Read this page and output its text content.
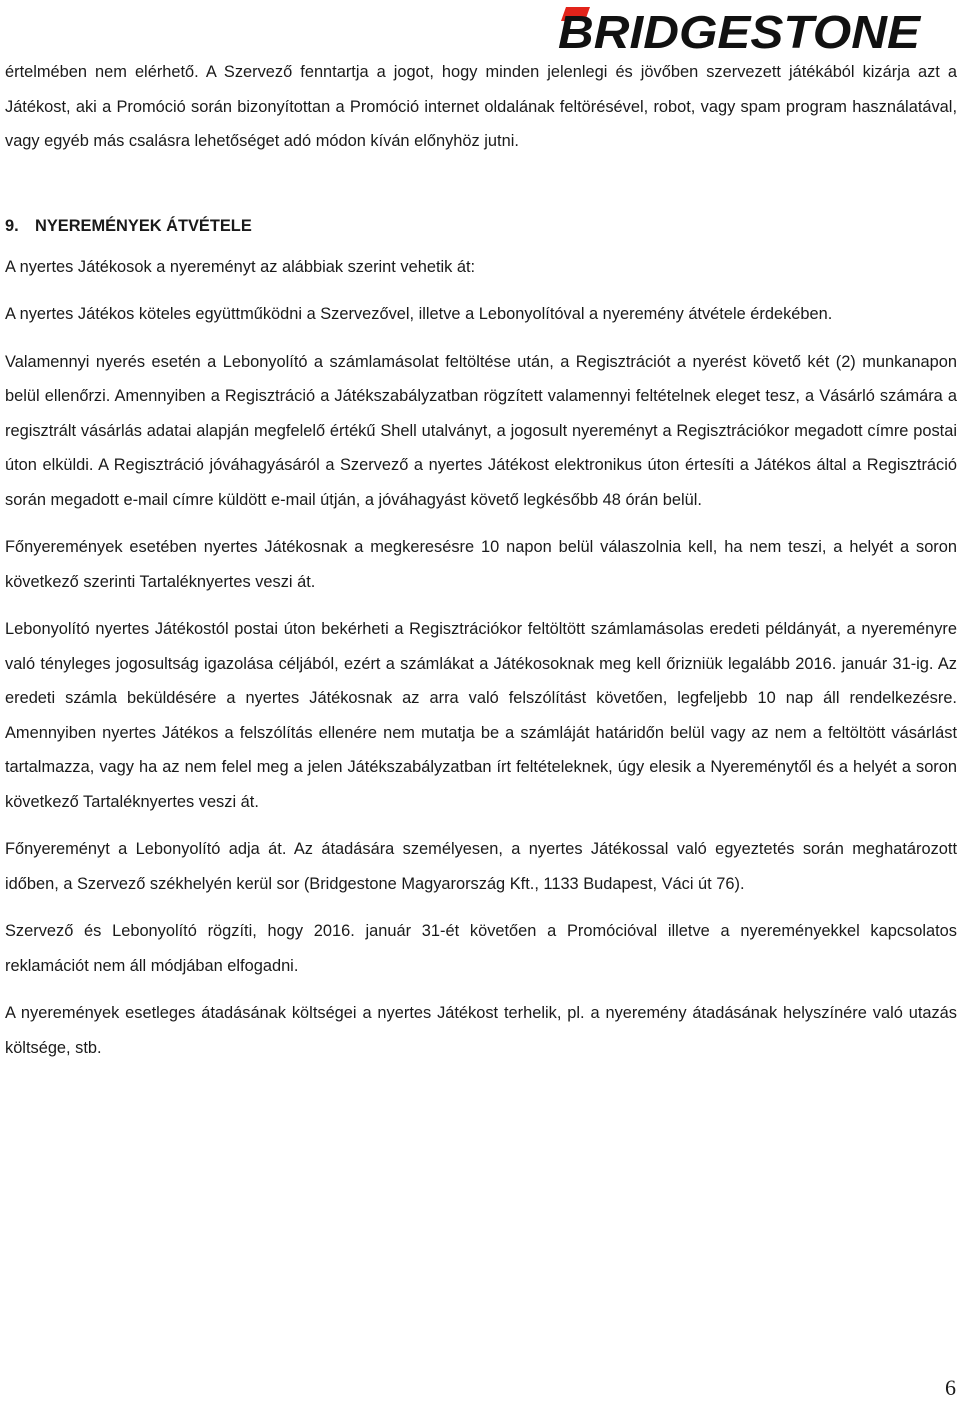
BRIDGESTONE

értelmében nem elérhető. A Szervező fenntartja a jogot, hogy minden jelenlegi és jövőben szervezett játékából kizárja azt a Játékost, aki a Promóció során bizonyítottan a Promóció internet oldalának feltörésével, robot, vagy spam program használatával, vagy egyéb más csalásra lehetőséget adó módon kíván előnyhöz jutni.

9. NYEREMÉNYEK ÁTVÉTELE

A nyertes Játékosok a nyereményt az alábbiak szerint vehetik át:

A nyertes Játékos köteles együttműködni a Szervezővel, illetve a Lebonyolítóval a nyeremény átvétele érdekében.

Valamennyi nyerés esetén a Lebonyolító a számlamásolat feltöltése után, a Regisztrációt a nyerést követő két (2) munkanapon belül ellenőrzi. Amennyiben a Regisztráció a Játékszabályzatban rögzített valamennyi feltételnek eleget tesz, a Vásárló számára a regisztrált vásárlás adatai alapján megfelelő értékű Shell utalványt, a jogosult nyereményt a Regisztrációkor megadott címre postai úton elküldi. A Regisztráció jóváhagyásáról a Szervező a nyertes Játékost elektronikus úton értesíti a Játékos által a Regisztráció során megadott e-mail címre küldött e-mail útján, a jóváhagyást követő legkésőbb 48 órán belül.

Főnyeremények esetében nyertes Játékosnak a megkeresésre 10 napon belül válaszolnia kell, ha nem teszi, a helyét a soron következő szerinti Tartaléknyertes veszi át.

Lebonyolító nyertes Játékostól postai úton bekérheti a Regisztrációkor feltöltött számlamásolas eredeti példányát, a nyereményre való tényleges jogosultság igazolása céljából, ezért a számlákat a Játékosoknak meg kell őrizniük legalább 2016. január 31-ig. Az eredeti számla beküldésére a nyertes Játékosnak az arra való felszólítást követően, legfeljebb 10 nap áll rendelkezésre. Amennyiben nyertes Játékos a felszólítás ellenére nem mutatja be a számláját határidőn belül vagy az nem a feltöltött vásárlást tartalmazza, vagy ha az nem felel meg a jelen Játékszabályzatban írt feltételeknek, úgy elesik a Nyereménytől és a helyét a soron következő Tartaléknyertes veszi át.

Főnyereményt a Lebonyolító adja át. Az átadására személyesen, a nyertes Játékossal való egyeztetés során meghatározott időben, a Szervező székhelyén kerül sor (Bridgestone Magyarország Kft., 1133 Budapest, Váci út 76).

Szervező és Lebonyolító rögzíti, hogy 2016. január 31-ét követően a Promócióval illetve a nyereményekkel kapcsolatos reklamációt nem áll módjában elfogadni.

A nyeremények esetleges átadásának költségei a nyertes Játékost terhelik, pl. a nyeremény átadásának helyszínére való utazás költsége, stb.

6
